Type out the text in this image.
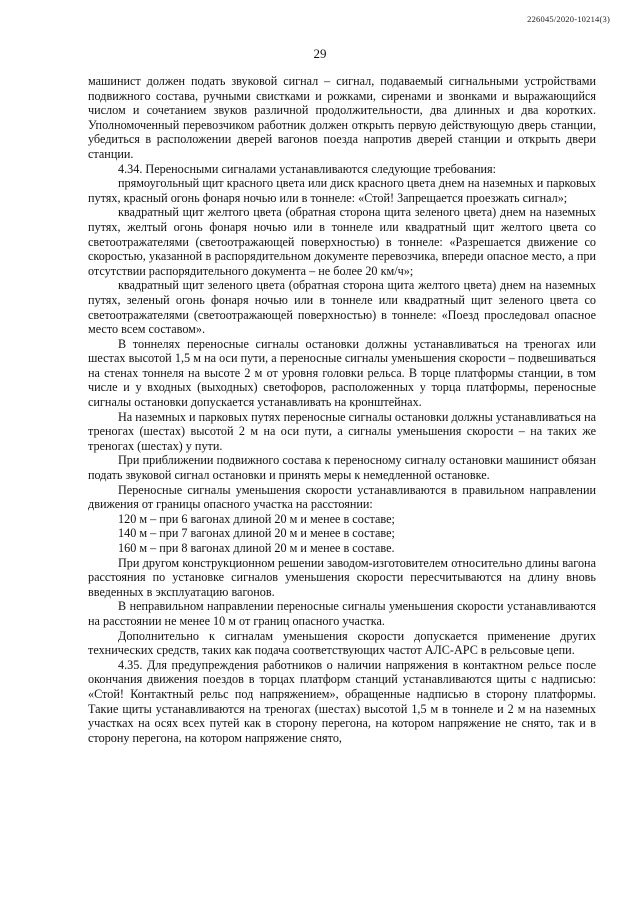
226045/2020-10214(3)
29

машинист должен подать звуковой сигнал – сигнал, подаваемый сигнальными устройствами подвижного состава, ручными свистками и рожками, сиренами и звонками и выражающийся числом и сочетанием звуков различной продолжительности, два длинных и два коротких. Уполномоченный перевозчиком работник должен открыть первую действующую дверь станции, убедиться в расположении дверей вагонов поезда напротив дверей станции и открыть двери станции.

4.34. Переносными сигналами устанавливаются следующие требования:

прямоугольный щит красного цвета или диск красного цвета днем на наземных и парковых путях, красный огонь фонаря ночью или в тоннеле: «Стой! Запрещается проезжать сигнал»;

квадратный щит желтого цвета (обратная сторона щита зеленого цвета) днем на наземных путях, желтый огонь фонаря ночью или в тоннеле или квадратный щит желтого цвета со светоотражателями (светоотражающей поверхностью) в тоннеле: «Разрешается движение со скоростью, указанной в распорядительном документе перевозчика, впереди опасное место, а при отсутствии распорядительного документа – не более 20 км/ч»;

квадратный щит зеленого цвета (обратная сторона щита желтого цвета) днем на наземных путях, зеленый огонь фонаря ночью или в тоннеле или квадратный щит зеленого цвета со светоотражателями (светоотражающей поверхностью) в тоннеле: «Поезд проследовал опасное место всем составом».

В тоннелях переносные сигналы остановки должны устанавливаться на треногах или шестах высотой 1,5 м на оси пути, а переносные сигналы уменьшения скорости – подвешиваться на стенах тоннеля на высоте 2 м от уровня головки рельса. В торце платформы станции, в том числе и у входных (выходных) светофоров, расположенных у торца платформы, переносные сигналы остановки допускается устанавливать на кронштейнах.

На наземных и парковых путях переносные сигналы остановки должны устанавливаться на треногах (шестах) высотой 2 м на оси пути, а сигналы уменьшения скорости – на таких же треногах (шестах) у пути.

При приближении подвижного состава к переносному сигналу остановки машинист обязан подать звуковой сигнал остановки и принять меры к немедленной остановке.

Переносные сигналы уменьшения скорости устанавливаются в правильном направлении движения от границы опасного участка на расстоянии:

120 м – при 6 вагонах длиной 20 м и менее в составе;

140 м – при 7 вагонах длиной 20 м и менее в составе;

160 м – при 8 вагонах длиной 20 м и менее в составе.

При другом конструкционном решении заводом-изготовителем относительно длины вагона расстояния по установке сигналов уменьшения скорости пересчитываются на длину вновь введенных в эксплуатацию вагонов.

В неправильном направлении переносные сигналы уменьшения скорости устанавливаются на расстоянии не менее 10 м от границ опасного участка.

Дополнительно к сигналам уменьшения скорости допускается применение других технических средств, таких как подача соответствующих частот АЛС-АРС в рельсовые цепи.

4.35. Для предупреждения работников о наличии напряжения в контактном рельсе после окончания движения поездов в торцах платформ станций устанавливаются щиты с надписью: «Стой! Контактный рельс под напряжением», обращенные надписью в сторону платформы. Такие щиты устанавливаются на треногах (шестах) высотой 1,5 м в тоннеле и 2 м на наземных участках на осях всех путей как в сторону перегона, на котором напряжение не снято, так и в сторону перегона, на котором напряжение снято,
